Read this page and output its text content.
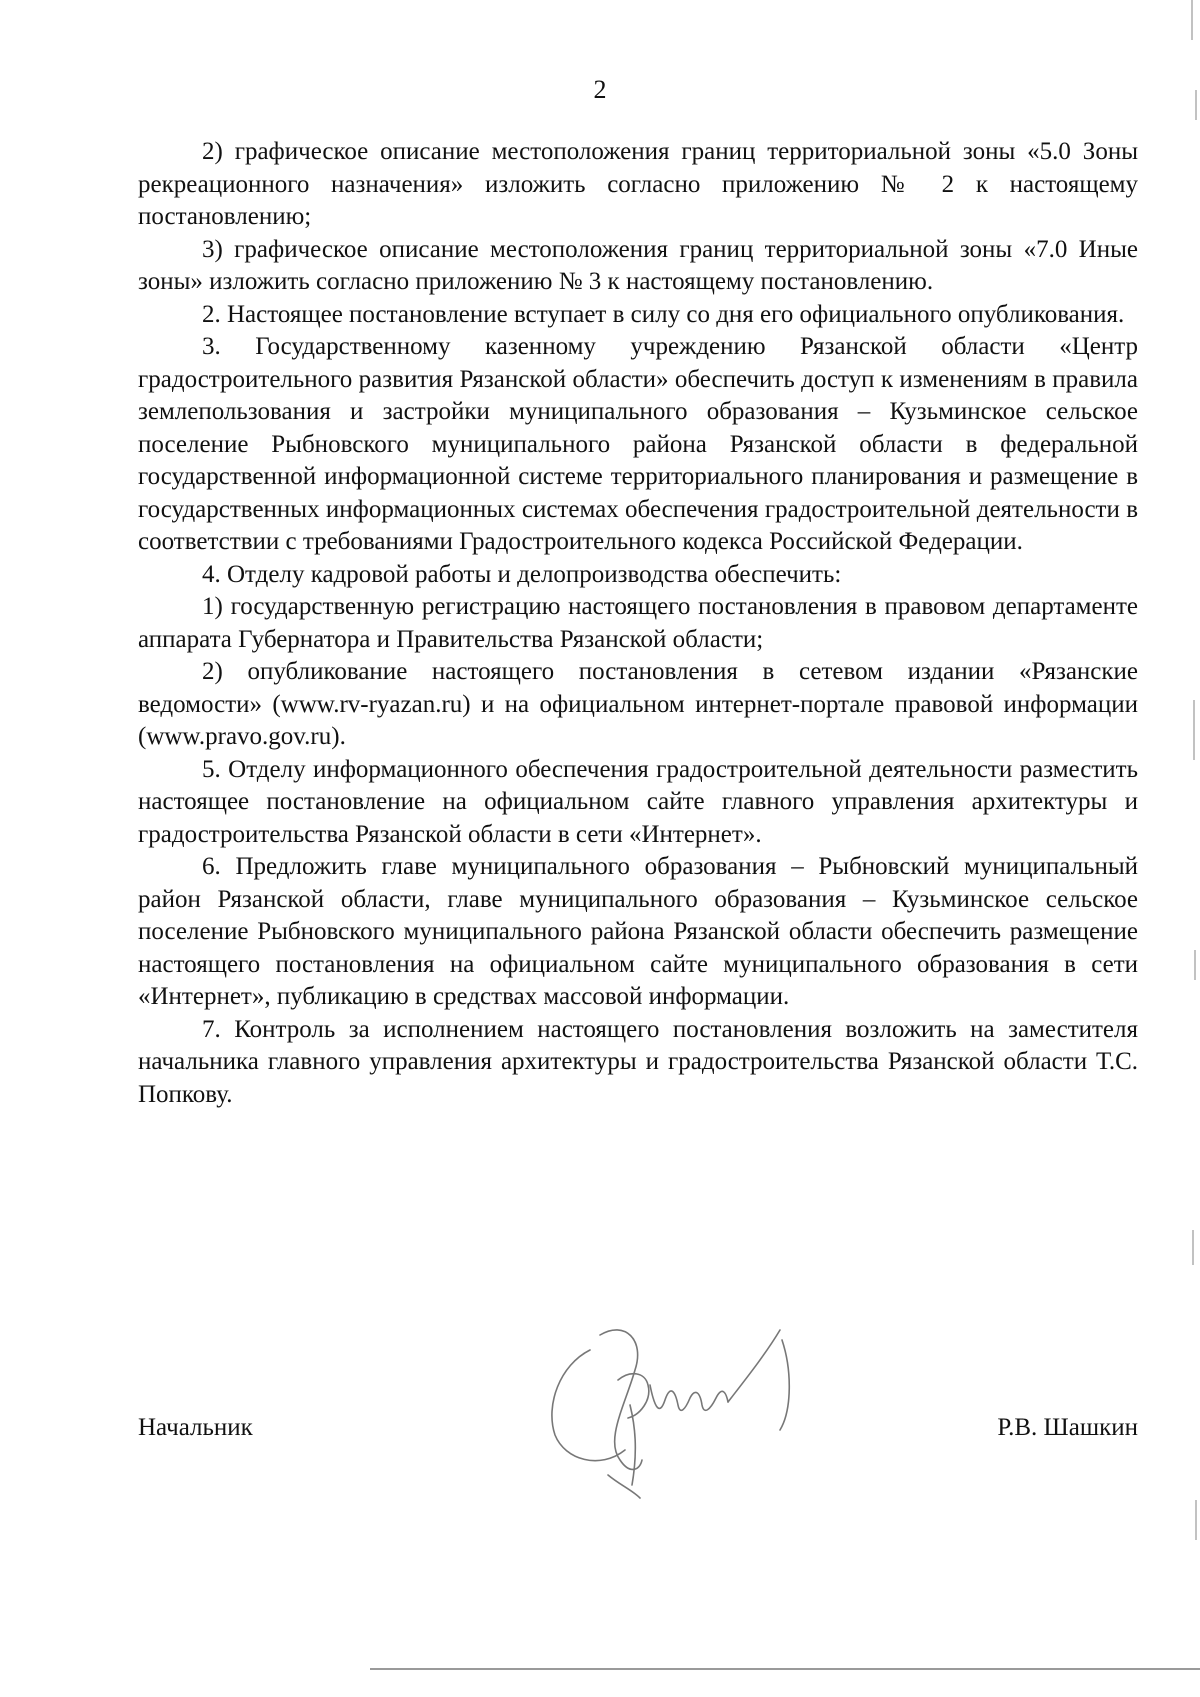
2

2) графическое описание местоположения границ территориальной зоны «5.0 Зоны рекреационного назначения» изложить согласно приложению № 2 к настоящему постановлению;

3) графическое описание местоположения границ территориальной зоны «7.0 Иные зоны» изложить согласно приложению № 3 к настоящему постановлению.

2. Настоящее постановление вступает в силу со дня его официального опубликования.

3. Государственному казенному учреждению Рязанской области «Центр градостроительного развития Рязанской области» обеспечить доступ к изменениям в правила землепользования и застройки муниципального образования – Кузьминское сельское поселение Рыбновского муниципального района Рязанской области в федеральной государственной информационной системе территориального планирования и размещение в государственных информационных системах обеспечения градостроительной деятельности в соответствии с требованиями Градостроительного кодекса Российской Федерации.

4. Отделу кадровой работы и делопроизводства обеспечить:

1) государственную регистрацию настоящего постановления в правовом департаменте аппарата Губернатора и Правительства Рязанской области;

2) опубликование настоящего постановления в сетевом издании «Рязанские ведомости» (www.rv-ryazan.ru) и на официальном интернет-портале правовой информации (www.pravo.gov.ru).

5. Отделу информационного обеспечения градостроительной деятельности разместить настоящее постановление на официальном сайте главного управления архитектуры и градостроительства Рязанской области в сети «Интернет».

6. Предложить главе муниципального образования – Рыбновский муниципальный район Рязанской области, главе муниципального образования – Кузьминское сельское поселение Рыбновского муниципального района Рязанской области обеспечить размещение настоящего постановления на официальном сайте муниципального образования в сети «Интернет», публикацию в средствах массовой информации.

7. Контроль за исполнением настоящего постановления возложить на заместителя начальника главного управления архитектуры и градостроительства Рязанской области Т.С. Попкову.

Начальник	Р.В. Шашкин
